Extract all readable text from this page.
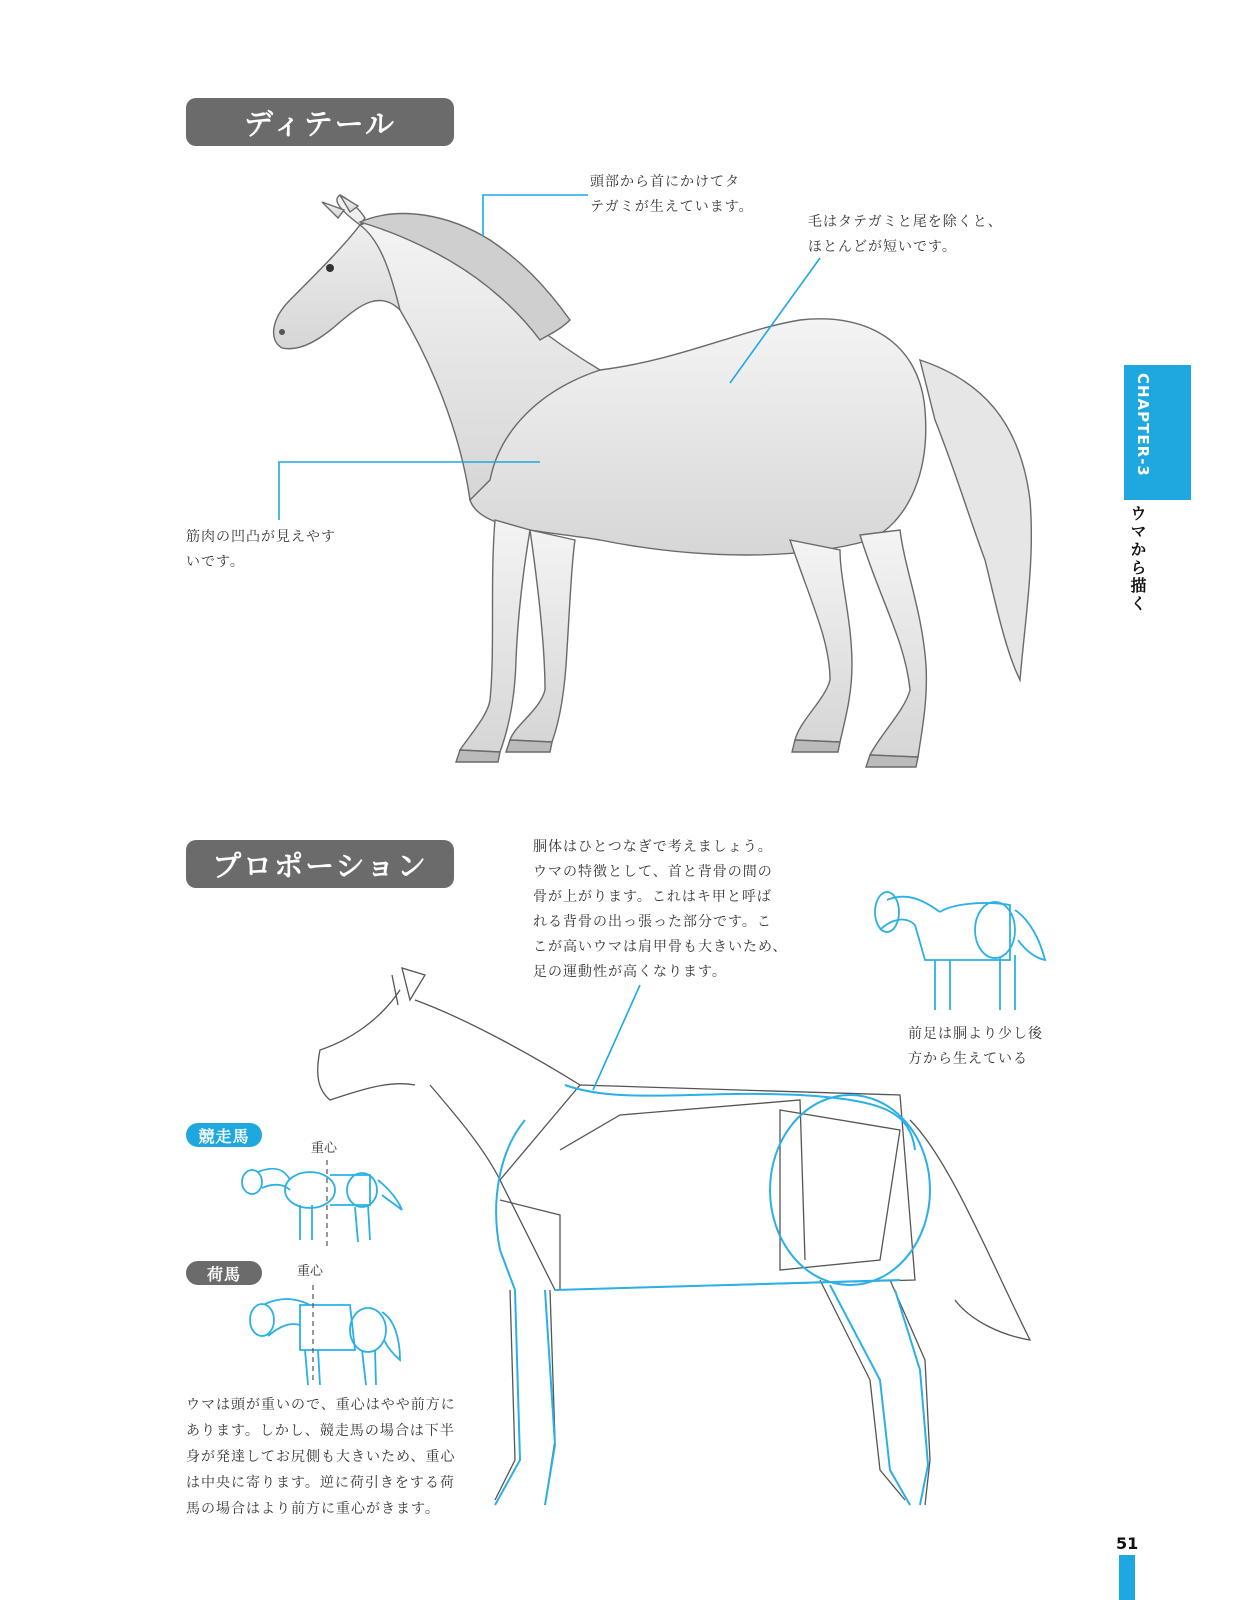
ディテール
プロポーション
頭部から首にかけてタ
テガミが生えています。
毛はタテガミと尾を除くと、
ほとんどが短いです。
筋肉の凹凸が見えやす
いです。
胴体はひとつなぎで考えましょう。
ウマの特徴として、首と背骨の間の
骨が上がります。これはキ甲と呼ば
れる背骨の出っ張った部分です。こ
こが高いウマは肩甲骨も大きいため、
足の運動性が高くなります。
前足は胴より少し後
方から生えている
ウマは頭が重いので、重心はやや前方に
あります。しかし、競走馬の場合は下半
身が発達してお尻側も大きいため、重心
は中央に寄ります。逆に荷引きをする荷
馬の場合はより前方に重心がきます。
競走馬
荷馬
重心
重心
CHAPTER-3
ウマから描く
51
